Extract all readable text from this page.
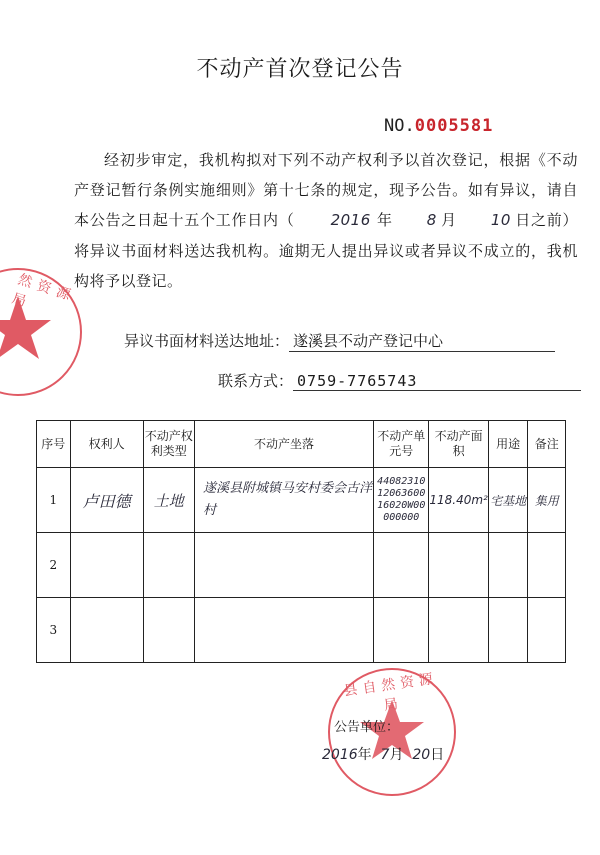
不动产首次登记公告
NO.0005581
经初步审定，我机构拟对下列不动产权利予以首次登记，根据《不动产登记暂行条例实施细则》第十七条的规定，现予公告。如有异议，请自本公告之日起十五个工作日内（ 2016 年 8 月 10 日之前）将异议书面材料送达我机构。逾期无人提出异议或者异议不成立的，我机构将予以登记。
异议书面材料送达地址： 遂溪县不动产登记中心
联系方式： 0759-7765743
序号	权利人	不动产权利类型	不动产坐落	不动产单元号	不动产面　积	用途	备注
1	卢田德	土地	遂溪县附城镇马安村委会古洋村	440823101206360016020W00000000	118.40m²	宅基地	集用
2							
3							
然资源局
县自然资源局
公告单位：
2016年 7月 20日
